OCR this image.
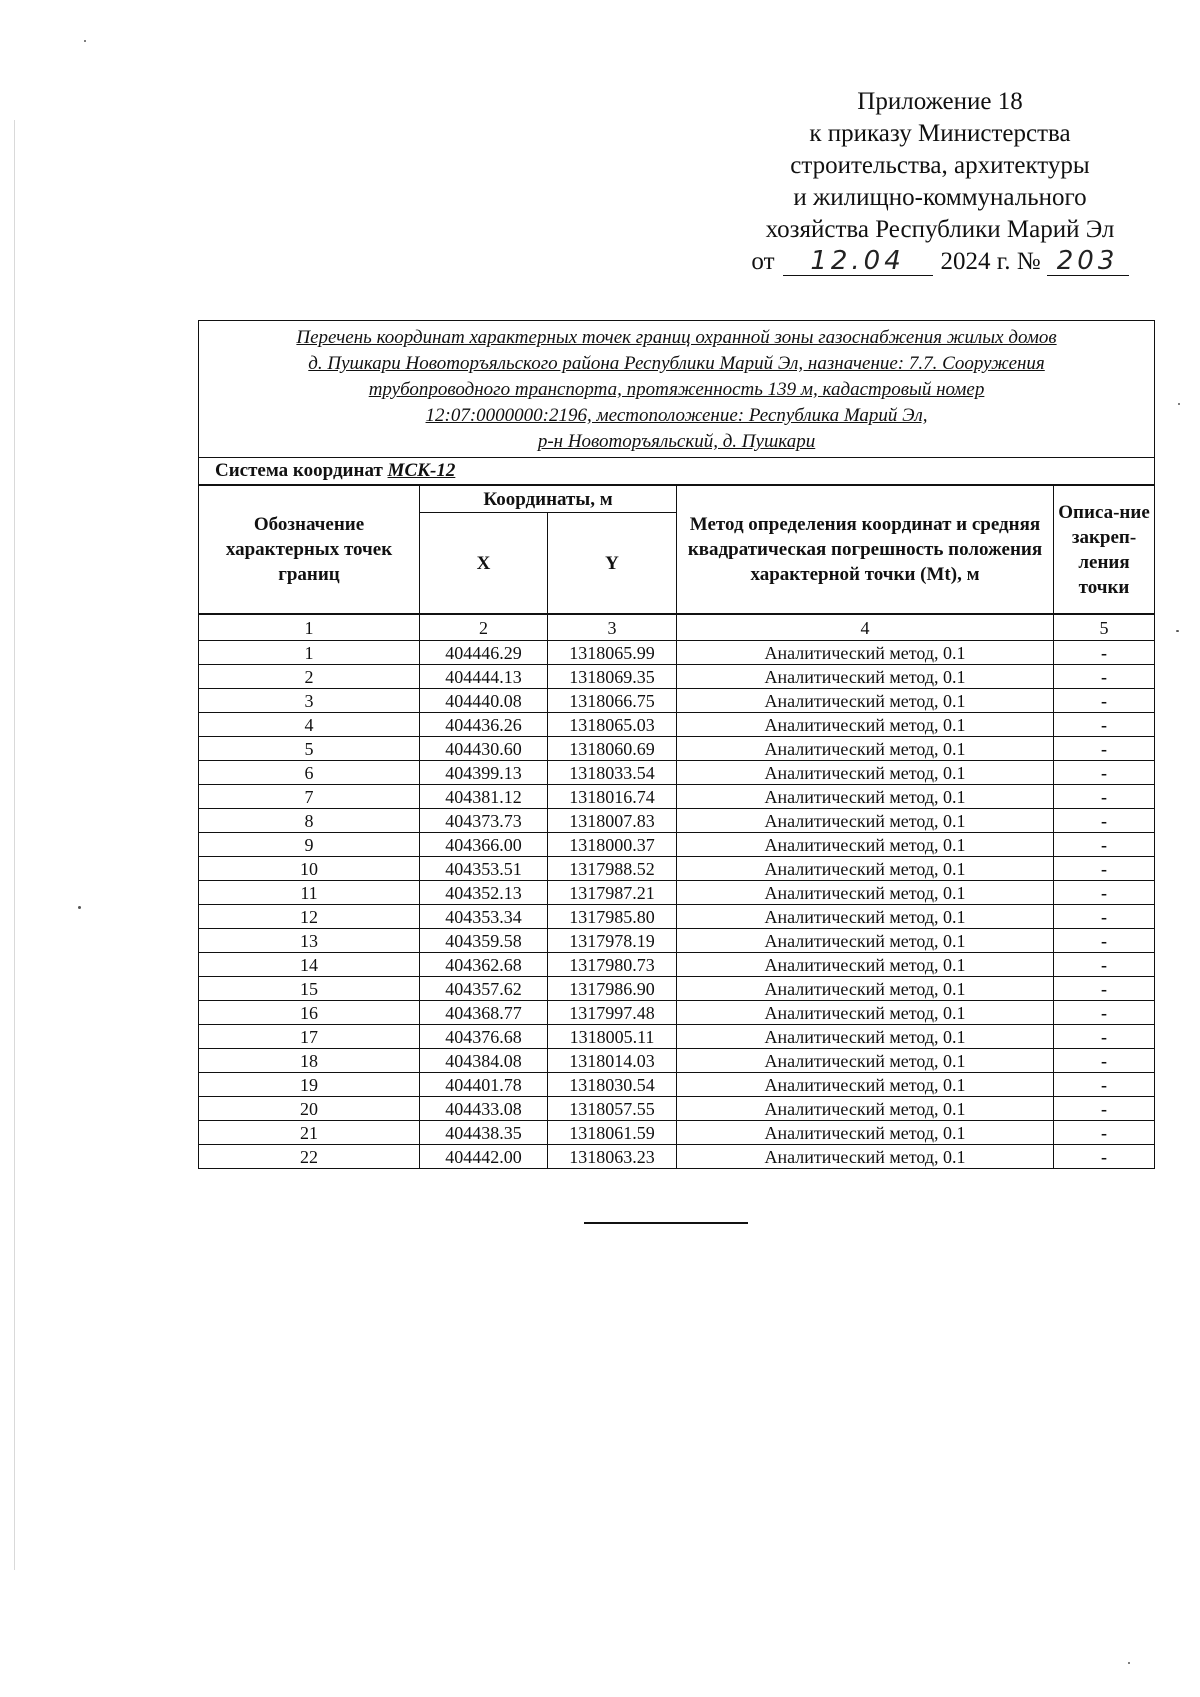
Приложение 18
к приказу Министерства
строительства, архитектуры
и жилищно-коммунального
хозяйства Республики Марий Эл
от 12.04 2024 г. № 203
Перечень координат характерных точек границ охранной зоны газоснабжения жилых домов
д. Пушкари Новоторъяльского района Республики Марий Эл, назначение: 7.7. Сооружения
трубопроводного транспорта, протяженность 139 м, кадастровый номер
12:07:0000000:2196, местоположение: Республика Марий Эл,
р-н Новоторъяльский, д. Пушкари				

Система координат МСК-12				
Обозначение характерных точек границ	Координаты, м		Метод определения координат и средняя квадратическая погрешность положения характерной точки (Mt), м	Описа-ние закреп-ления точки
	X	Y		
1	2	3	4	5
1	404446.29	1318065.99	Аналитический метод, 0.1	-
2	404444.13	1318069.35	Аналитический метод, 0.1	-
3	404440.08	1318066.75	Аналитический метод, 0.1	-
4	404436.26	1318065.03	Аналитический метод, 0.1	-
5	404430.60	1318060.69	Аналитический метод, 0.1	-
6	404399.13	1318033.54	Аналитический метод, 0.1	-
7	404381.12	1318016.74	Аналитический метод, 0.1	-
8	404373.73	1318007.83	Аналитический метод, 0.1	-
9	404366.00	1318000.37	Аналитический метод, 0.1	-
10	404353.51	1317988.52	Аналитический метод, 0.1	-
11	404352.13	1317987.21	Аналитический метод, 0.1	-
12	404353.34	1317985.80	Аналитический метод, 0.1	-
13	404359.58	1317978.19	Аналитический метод, 0.1	-
14	404362.68	1317980.73	Аналитический метод, 0.1	-
15	404357.62	1317986.90	Аналитический метод, 0.1	-
16	404368.77	1317997.48	Аналитический метод, 0.1	-
17	404376.68	1318005.11	Аналитический метод, 0.1	-
18	404384.08	1318014.03	Аналитический метод, 0.1	-
19	404401.78	1318030.54	Аналитический метод, 0.1	-
20	404433.08	1318057.55	Аналитический метод, 0.1	-
21	404438.35	1318061.59	Аналитический метод, 0.1	-
22	404442.00	1318063.23	Аналитический метод, 0.1	-
